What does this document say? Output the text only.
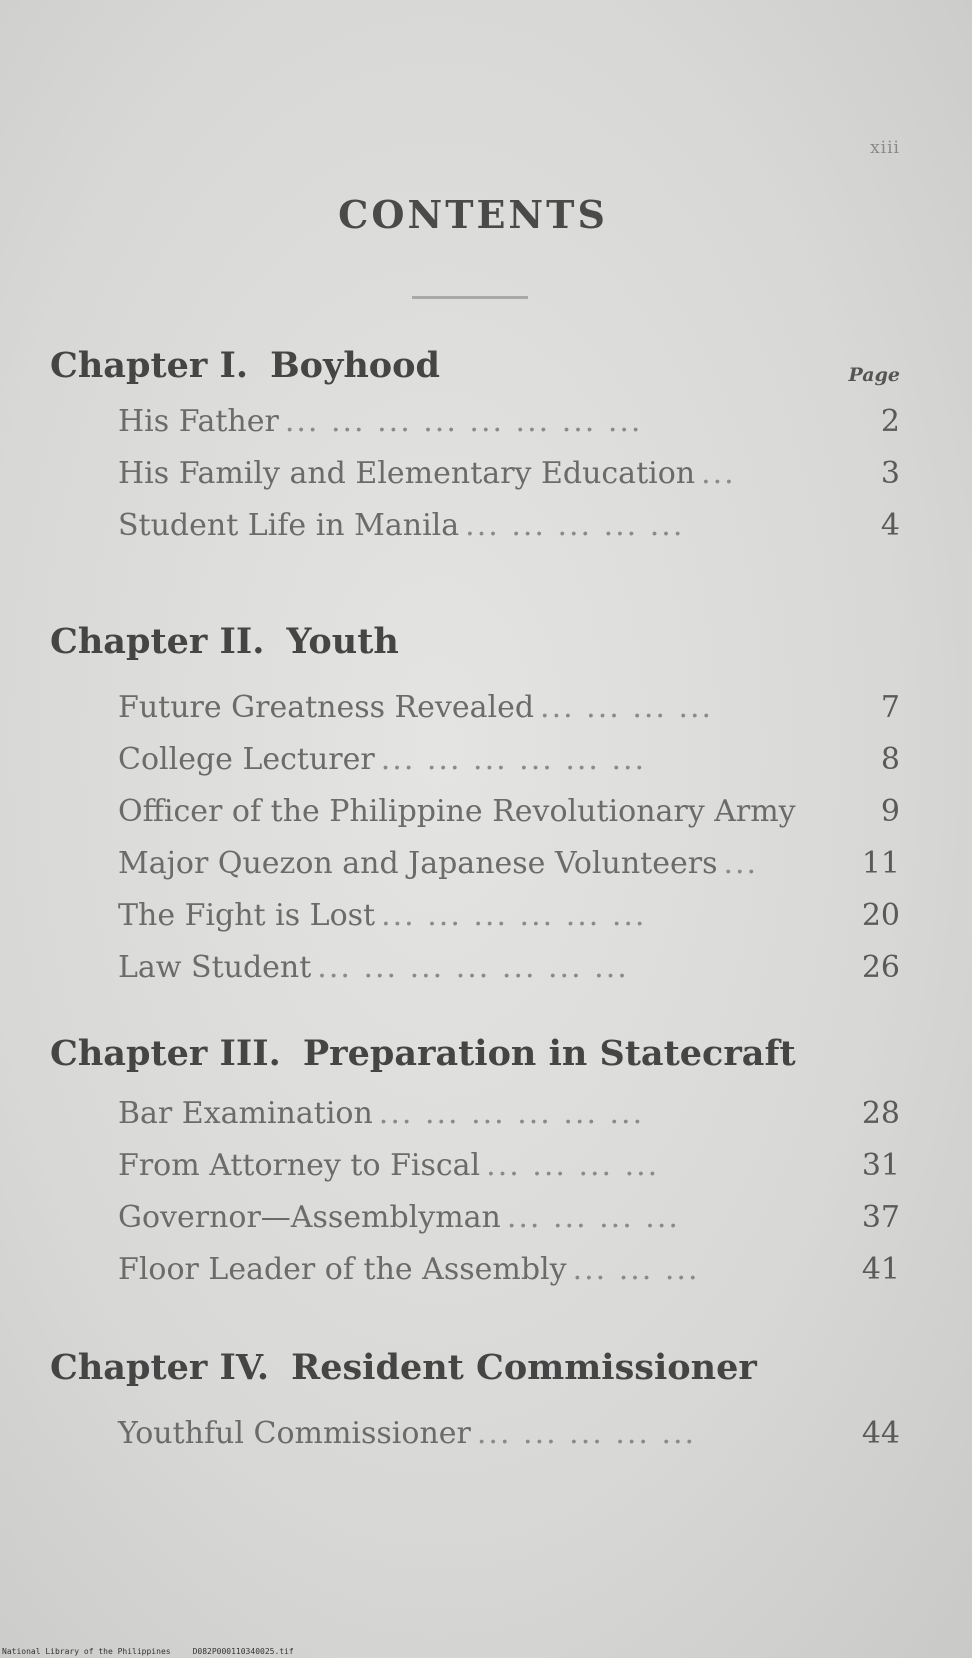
xiii
CONTENTS
Chapter I. Boyhood	Page
His Father ... ... ... ... ... ... ... ...	2
His Family and Elementary Education ...	3
Student Life in Manila ... ... ... ... ...	4
Chapter II. Youth
Future Greatness Revealed ... ... ... ...	7
College Lecturer ... ... ... ... ... ...	8
Officer of the Philippine Revolutionary Army	9
Major Quezon and Japanese Volunteers ...	11
The Fight is Lost ... ... ... ... ... ...	20
Law Student ... ... ... ... ... ... ...	26
Chapter III. Preparation in Statecraft
Bar Examination ... ... ... ... ... ...	28
From Attorney to Fiscal ... ... ... ...	31
Governor—Assemblyman ... ... ... ...	37
Floor Leader of the Assembly ... ... ...	41
Chapter IV. Resident Commissioner
Youthful Commissioner ... ... ... ... ...	44
National Library of the Philippines	D082P000110340025.tif
